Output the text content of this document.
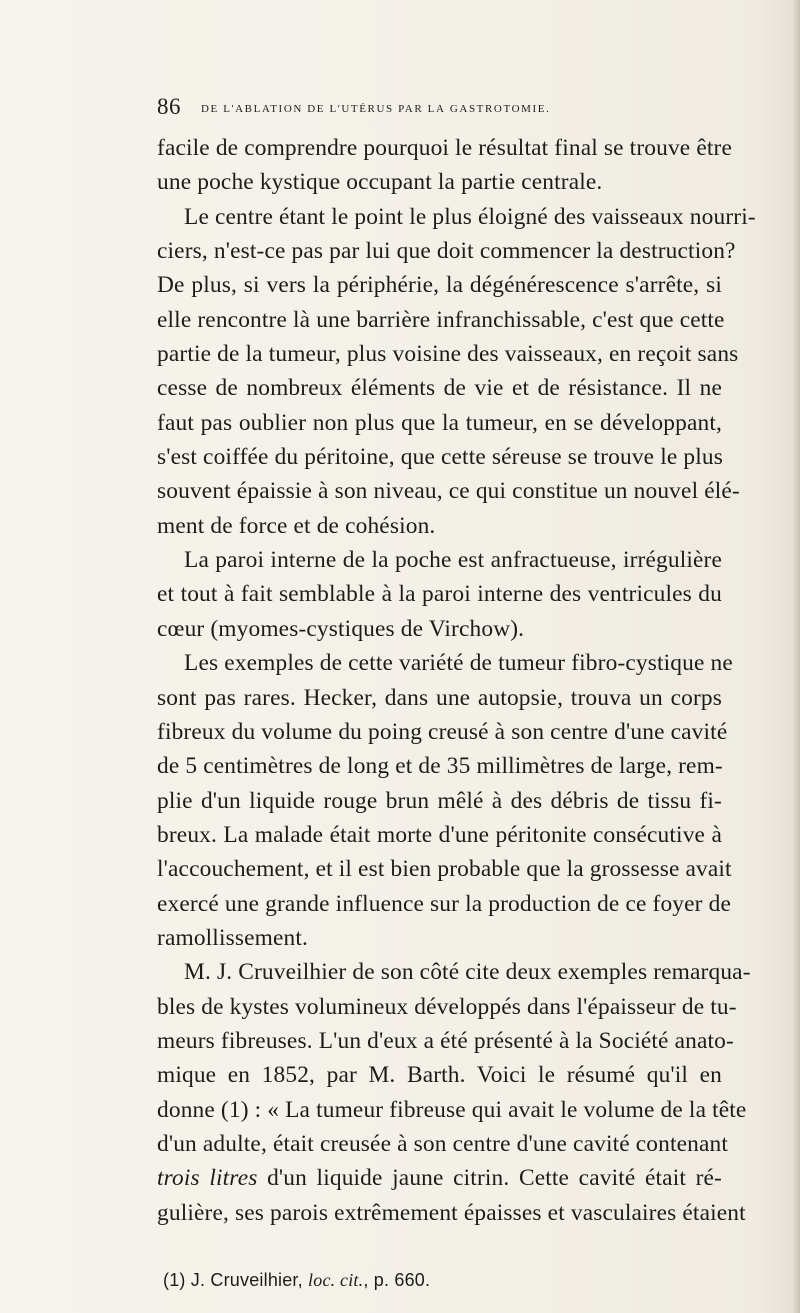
86 de l'ablation de l'utérus par la gastrotomie.
facile de comprendre pourquoi le résultat final se trouve être
une poche kystique occupant la partie centrale.
Le centre étant le point le plus éloigné des vaisseaux nourri-
ciers, n'est-ce pas par lui que doit commencer la destruction?
De plus, si vers la périphérie, la dégénérescence s'arrête, si
elle rencontre là une barrière infranchissable, c'est que cette
partie de la tumeur, plus voisine des vaisseaux, en reçoit sans
cesse de nombreux éléments de vie et de résistance. Il ne
faut pas oublier non plus que la tumeur, en se développant,
s'est coiffée du péritoine, que cette séreuse se trouve le plus
souvent épaissie à son niveau, ce qui constitue un nouvel élé-
ment de force et de cohésion.
La paroi interne de la poche est anfractueuse, irrégulière
et tout à fait semblable à la paroi interne des ventricules du
cœur (myomes-cystiques de Virchow).
Les exemples de cette variété de tumeur fibro-cystique ne
sont pas rares. Hecker, dans une autopsie, trouva un corps
fibreux du volume du poing creusé à son centre d'une cavité
de 5 centimètres de long et de 35 millimètres de large, rem-
plie d'un liquide rouge brun mêlé à des débris de tissu fi-
breux. La malade était morte d'une péritonite consécutive à
l'accouchement, et il est bien probable que la grossesse avait
exercé une grande influence sur la production de ce foyer de
ramollissement.
M. J. Cruveilhier de son côté cite deux exemples remarqua-
bles de kystes volumineux développés dans l'épaisseur de tu-
meurs fibreuses. L'un d'eux a été présenté à la Société anato-
mique en 1852, par M. Barth. Voici le résumé qu'il en
donne (1) : « La tumeur fibreuse qui avait le volume de la tête
d'un adulte, était creusée à son centre d'une cavité contenant
trois litres d'un liquide jaune citrin. Cette cavité était ré-
gulière, ses parois extrêmement épaisses et vasculaires étaient
(1) J. Cruveilhier, loc. cit., p. 660.
